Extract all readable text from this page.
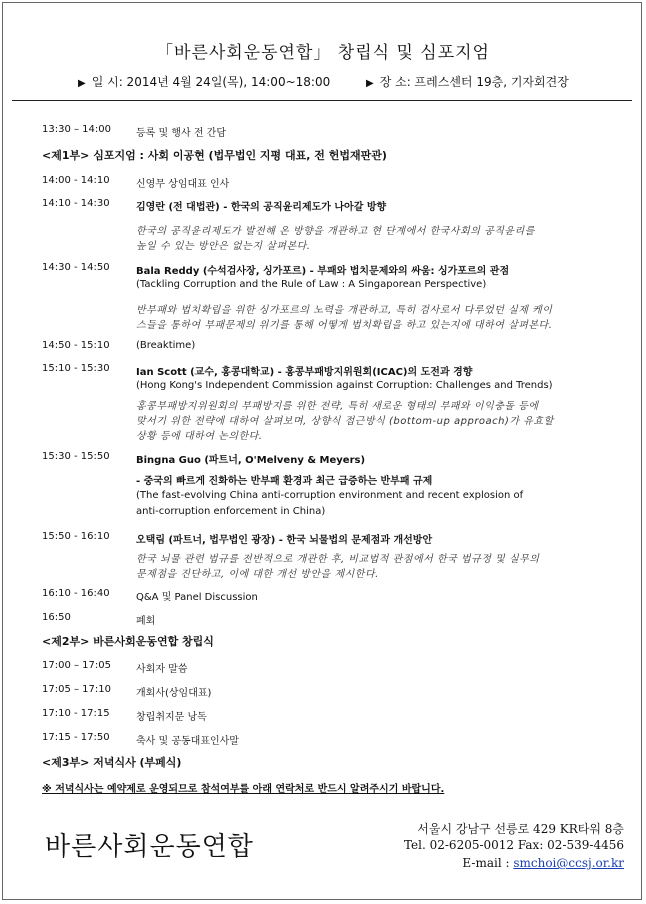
「바른사회운동연합」 창립식 및 심포지엄
▶ 일 시: 2014년 4월 24일(목), 14:00~18:00	▶ 장 소: 프레스센터 19층, 기자회견장
13:30 – 14:00	등록 및 행사 전 간담
<제1부> 심포지엄 : 사회 이공현 (법무법인 지평 대표, 전 헌법재판관)
14:00 - 14:10	신영무 상임대표 인사
14:10 - 14:30	김영란 (전 대법관) - 한국의 공직윤리제도가 나아갈 방향
한국의 공직윤리제도가 발전해 온 방향을 개관하고 현 단계에서 한국사회의 공직윤리를
높일 수 있는 방안은 없는지 살펴본다.
14:30 - 14:50	Bala Reddy (수석검사장, 싱가포르) - 부패와 법치문제와의 싸움: 싱가포르의 관점
(Tackling Corruption and the Rule of Law : A Singaporean Perspective)
반부패와 법치확립을 위한 싱가포르의 노력을 개관하고, 특히 검사로서 다루었던 실제 케이
스들을 통하여 부패문제의 위기를 통해 어떻게 법치확립을 하고 있는지에 대하여 살펴본다.
14:50 - 15:10	(Breaktime)
15:10 - 15:30	Ian Scott (교수, 홍콩대학교) - 홍콩부패방지위원회(ICAC)의 도전과 경향
(Hong Kong's Independent Commission against Corruption: Challenges and Trends)
홍콩부패방지위원회의 부패방지를 위한 전략, 특히 새로운 형태의 부패와 이익충돌 등에
맞서기 위한 전략에 대하여 살펴보며, 상향식 접근방식 (bottom-up approach)가 유효할
상황 등에 대하여 논의한다.
15:30 - 15:50	Bingna Guo (파트너, O'Melveny & Meyers)
- 중국의 빠르게 진화하는 반부패 환경과 최근 급증하는 반부패 규제
(The fast-evolving China anti-corruption environment and recent explosion of
anti-corruption enforcement in China)
15:50 - 16:10	오택림 (파트너, 법무법인 광장) - 한국 뇌물법의 문제점과 개선방안
한국 뇌물 관련 법규를 전반적으로 개관한 후, 비교법적 관점에서 한국 법규정 및 실무의
문제점을 진단하고, 이에 대한 개선 방안을 제시한다.
16:10 - 16:40	Q&A 및 Panel Discussion
16:50	폐회
<제2부> 바른사회운동연합 창립식
17:00 – 17:05	사회자 말씀
17:05 – 17:10	개회사(상임대표)
17:10 - 17:15	창립취지문 낭독
17:15 - 17:50	축사 및 공동대표인사말
<제3부> 저녁식사 (부페식)
※ 저녁식사는 예약제로 운영되므로 참석여부를 아래 연락처로 반드시 알려주시기 바랍니다.
바른사회운동연합
서울시 강남구 선릉로 429 KR타워 8층
Tel. 02-6205-0012 Fax: 02-539-4456
E-mail : smchoi@ccsj.or.kr
